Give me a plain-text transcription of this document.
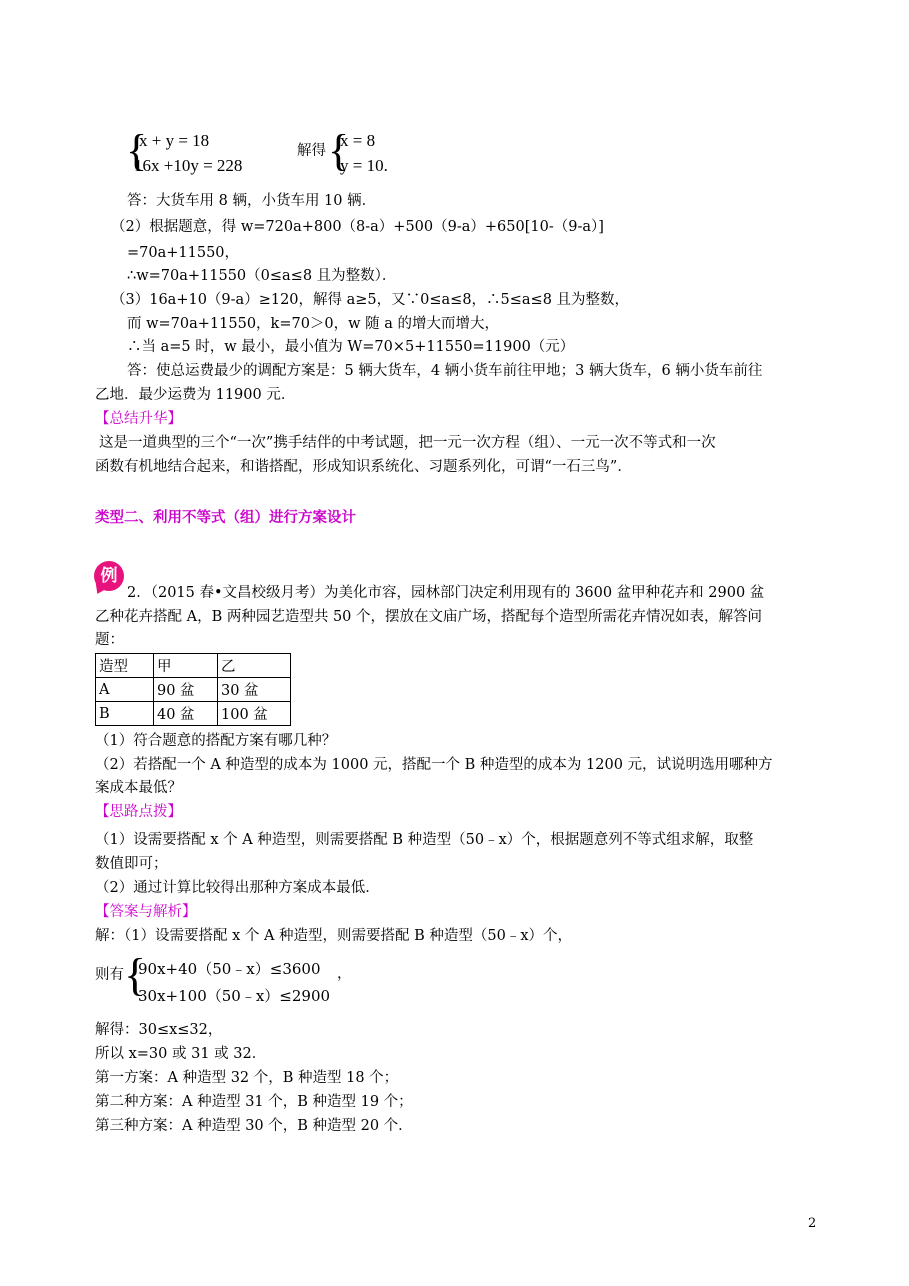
{
x + y = 18
16x +10y = 228
解得 {
x = 8
y = 10.
答：大货车用 8 辆，小货车用 10 辆．
（2）根据题意，得 w=720a+800（8-a）+500（9-a）+650[10-（9-a）]
=70a+11550，
∴w=70a+11550（0≤a≤8 且为整数）．
（3）16a+10（9-a）≥120，解得 a≥5，又∵0≤a≤8，∴5≤a≤8 且为整数，
而 w=70a+11550，k=70＞0，w 随 a 的增大而增大，
∴当 a=5 时，w 最小，最小值为 W=70×5+11550=11900（元）
答：使总运费最少的调配方案是：5 辆大货车，4 辆小货车前往甲地；3 辆大货车，6 辆小货车前往
乙地．最少运费为 11900 元．
【总结升华】
这是一道典型的三个“一次”携手结伴的中考试题，把一元一次方程（组）、一元一次不等式和一次
函数有机地结合起来，和谐搭配，形成知识系统化、习题系列化，可谓“一石三鸟”．
类型二、利用不等式（组）进行方案设计
例
2．（2015 春•文昌校级月考）为美化市容，园林部门决定利用现有的 3600 盆甲种花卉和 2900 盆
乙种花卉搭配 A，B 两种园艺造型共 50 个，摆放在文庙广场，搭配每个造型所需花卉情况如表，解答问
题：
造型	甲	乙
A	90 盆	30 盆
B	40 盆	100 盆
（1）符合题意的搭配方案有哪几种？
（2）若搭配一个 A 种造型的成本为 1000 元，搭配一个 B 种造型的成本为 1200 元，试说明选用哪种方
案成本最低？
【思路点拨】
（1）设需要搭配 x 个 A 种造型，则需要搭配 B 种造型（50﹣x）个，根据题意列不等式组求解，取整
数值即可；
（2）通过计算比较得出那种方案成本最低．
【答案与解析】
解：（1）设需要搭配 x 个 A 种造型，则需要搭配 B 种造型（50﹣x）个，
则有 {
90x+40（50﹣x）≤3600 ，
30x+100（50﹣x）≤2900
解得：30≤x≤32，
所以 x=30 或 31 或 32．
第一方案：A 种造型 32 个，B 种造型 18 个；
第二种方案：A 种造型 31 个，B 种造型 19 个；
第三种方案：A 种造型 30 个，B 种造型 20 个．
2
